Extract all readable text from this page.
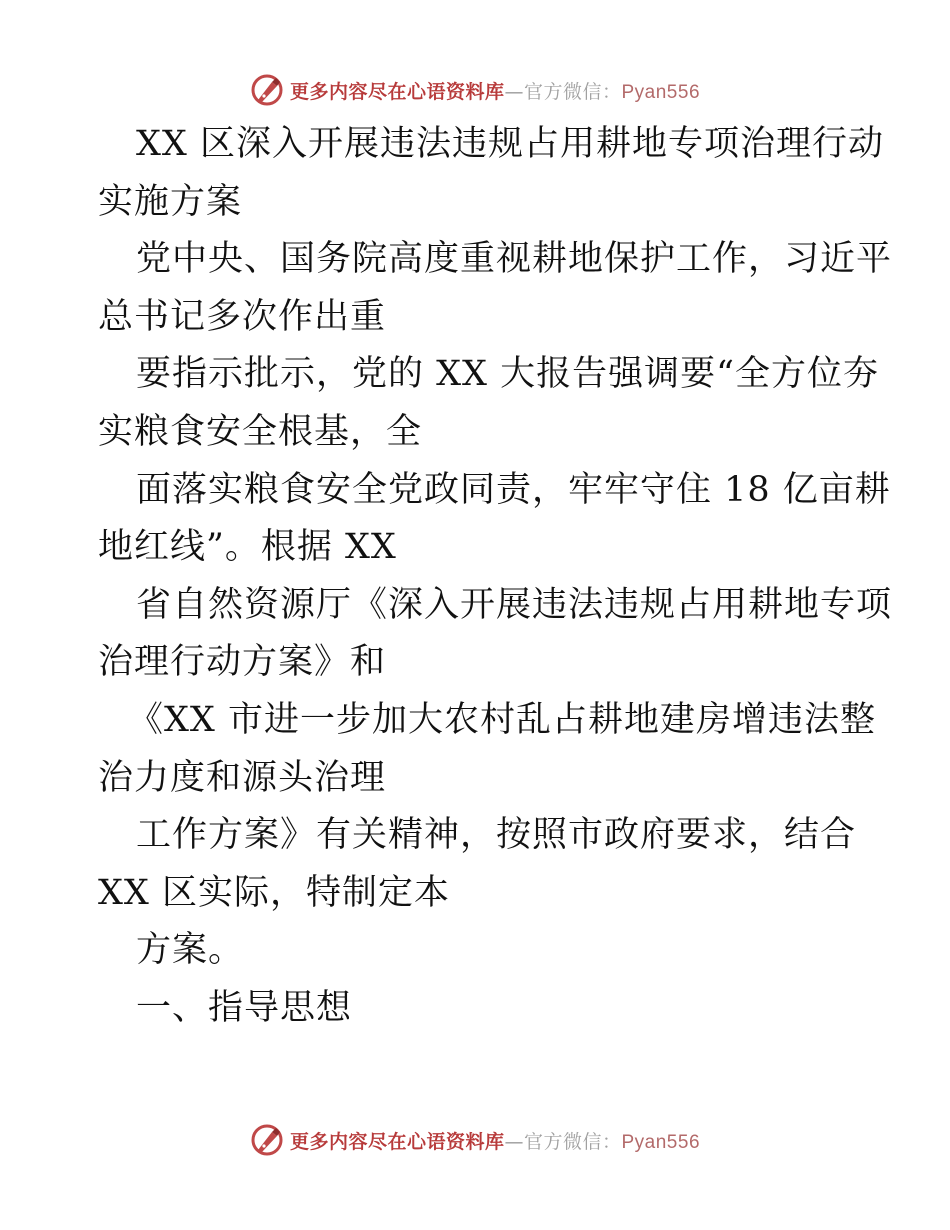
更多内容尽在心语资料库—官方微信：Pyan556
XX 区深入开展违法违规占用耕地专项治理行动
实施方案
党中央、国务院高度重视耕地保护工作，习近平
总书记多次作出重
要指示批示，党的 XX 大报告强调要“全方位夯
实粮食安全根基，全
面落实粮食安全党政同责，牢牢守住 18 亿亩耕
地红线”。根据 XX
省自然资源厅《深入开展违法违规占用耕地专项
治理行动方案》和
《XX 市进一步加大农村乱占耕地建房增违法整
治力度和源头治理
工作方案》有关精神，按照市政府要求，结合
XX 区实际，特制定本
方案。
一、指导思想
更多内容尽在心语资料库—官方微信：Pyan556
